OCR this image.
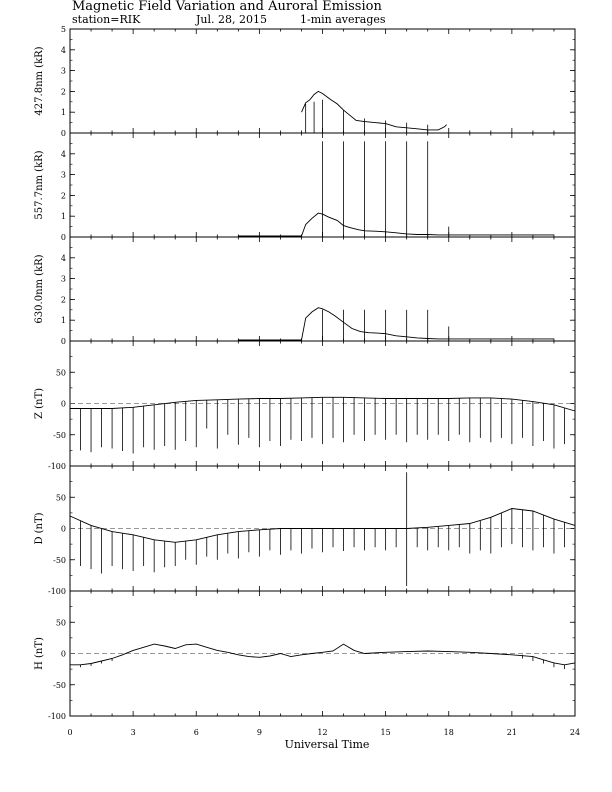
Magnetic Field Variation and Auroral Emission
station=RIK	Jul. 28, 2015	1-min averages
0
1
2
3
4
5
427.8nm (kR)
0
1
2
3
4
557.7nm (kR)
0
1
2
3
4
630.0nm (kR)
-100
-50
0
50
Z (nT)
-100
-50
0
50
D (nT)
-100
-50
0
50
H (nT)
0	3	6	9	12	15	18	21	24
Universal Time
